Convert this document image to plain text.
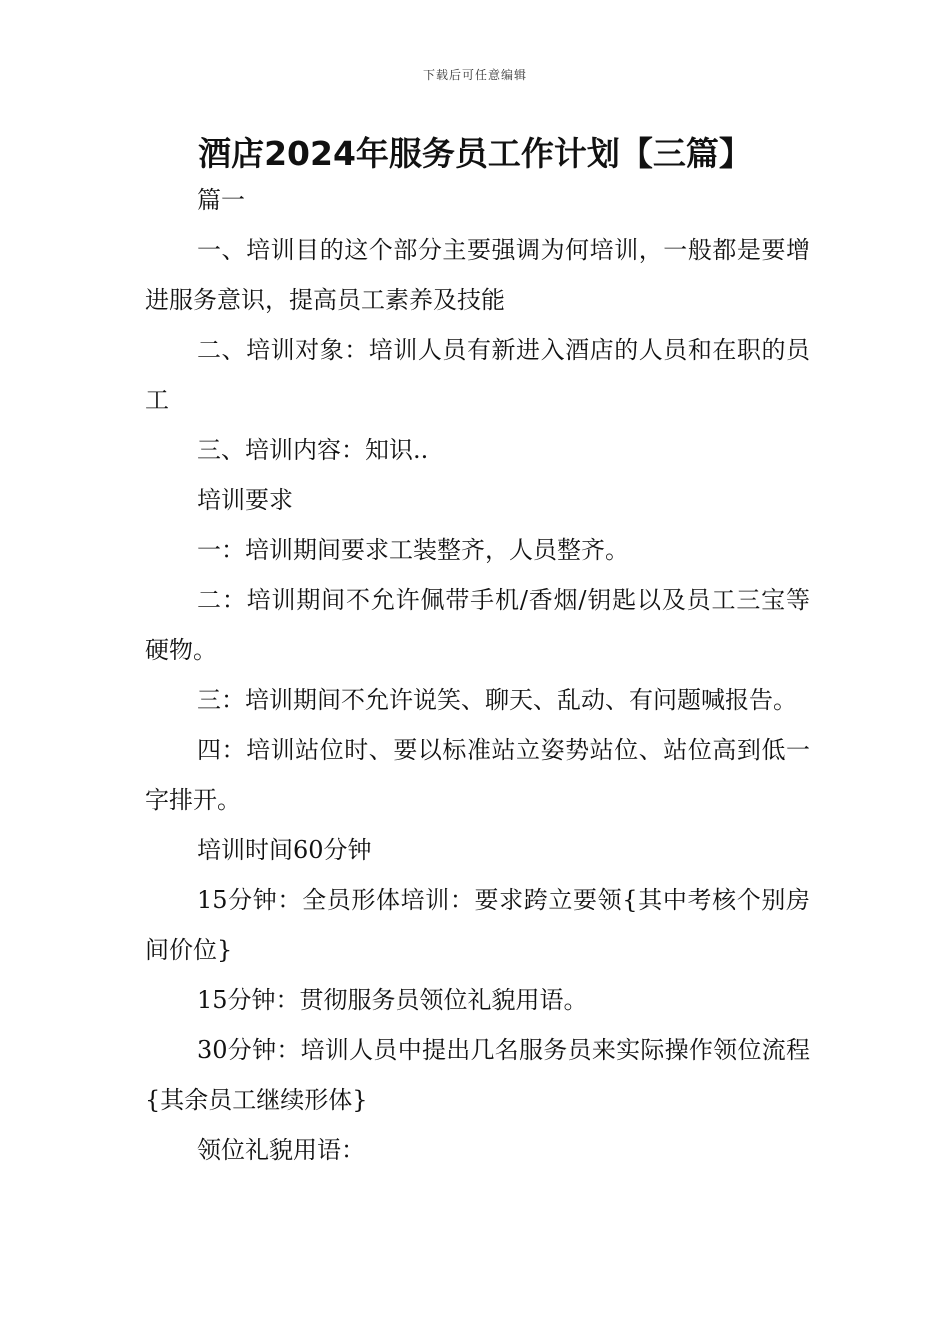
下载后可任意编辑
酒店2024年服务员工作计划【三篇】

篇一

一、培训目的这个部分主要强调为何培训，一般都是要增进服务意识，提高员工素养及技能

二、培训对象：培训人员有新进入酒店的人员和在职的员工

三、培训内容：知识..

培训要求

一：培训期间要求工装整齐，人员整齐。

二：培训期间不允许佩带手机/香烟/钥匙以及员工三宝等硬物。

三：培训期间不允许说笑、聊天、乱动、有问题喊报告。

四：培训站位时、要以标准站立姿势站位、站位高到低一字排开。

培训时间60分钟

15分钟：全员形体培训：要求跨立要领{其中考核个别房间价位}

15分钟：贯彻服务员领位礼貌用语。

30分钟：培训人员中提出几名服务员来实际操作领位流程{其余员工继续形体}

领位礼貌用语：
